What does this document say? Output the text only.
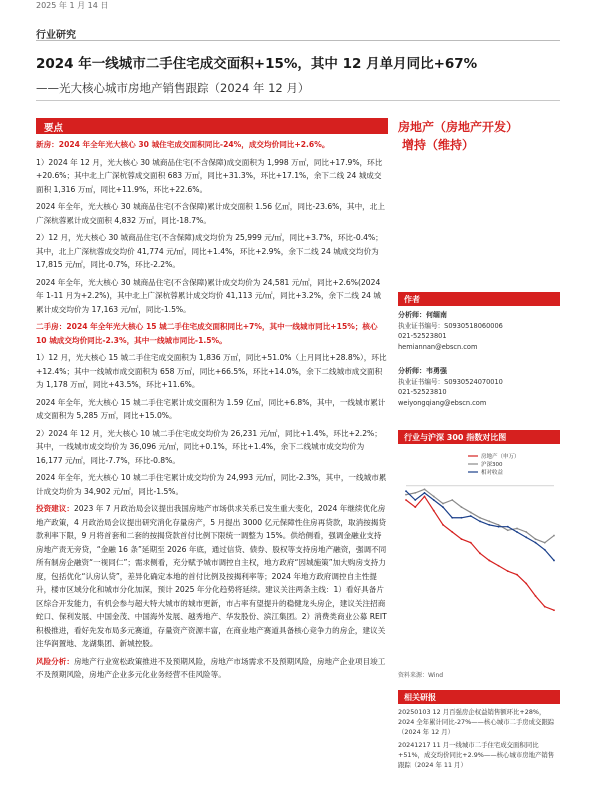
2025 年 1 月 14 日
行业研究
2024 年一线城市二手住宅成交面积+15%，其中 12 月单月同比+67%
——光大核心城市房地产销售跟踪（2024 年 12 月）
要点

新房：2024 年全年光大核心 30 城住宅成交面积同比-24%，成交均价同比+2.6%。

1）2024 年 12 月，光大核心 30 城商品住宅(不含保障)成交面积为 1,998 万㎡，同比+17.9%，环比+20.6%；其中北上广深杭蓉成交面积 683 万㎡，同比+31.3%，环比+17.1%，余下二线 24 城成交面积 1,316 万㎡，同比+11.9%，环比+22.6%。

2024 年全年，光大核心 30 城商品住宅(不含保障)累计成交面积 1.56 亿㎡，同比-23.6%，其中，北上广深杭蓉累计成交面积 4,832 万㎡，同比-18.7%。

2）12 月，光大核心 30 城商品住宅(不含保障)成交均价为 25,999 元/㎡，同比+3.7%，环比-0.4%；其中，北上广深杭蓉成交均价 41,774 元/㎡，同比+1.4%，环比+2.9%，余下二线 24 城成交均价为 17,815 元/㎡，同比-0.7%，环比-2.2%。

2024 年全年，光大核心 30 城商品住宅(不含保障)累计成交均价为 24,581 元/㎡，同比+2.6%(2024 年 1-11 月为+2.2%)，其中北上广深杭蓉累计成交均价 41,113 元/㎡，同比+3.2%，余下二线 24 城累计成交均价为 17,163 元/㎡，同比-1.5%。

二手房：2024 年全年光大核心 15 城二手住宅成交面积同比+7%，其中一线城市同比+15%；核心 10 城成交均价同比-2.3%，其中一线城市同比-1.5%。

1）12 月，光大核心 15 城二手住宅成交面积为 1,836 万㎡，同比+51.0%（上月同比+28.8%），环比+12.4%；其中一线城市成交面积为 658 万㎡，同比+66.5%，环比+14.0%，余下二线城市成交面积为 1,178 万㎡，同比+43.5%，环比+11.6%。

2024 年全年，光大核心 15 城二手住宅累计成交面积为 1.59 亿㎡，同比+6.8%，其中，一线城市累计成交面积为 5,285 万㎡，同比+15.0%。

2）2024 年 12 月，光大核心 10 城二手住宅成交均价为 26,231 元/㎡，同比+1.4%，环比+2.2%；其中，一线城市成交均价为 36,096 元/㎡，同比+0.1%，环比+1.4%，余下二线城市成交均价为 16,177 元/㎡，同比-7.7%，环比-0.8%。

2024 年全年，光大核心 10 城二手住宅累计成交均价为 24,993 元/㎡，同比-2.3%，其中，一线城市累计成交均价为 34,902 元/㎡，同比-1.5%。

投资建议：2023 年 7 月政治局会议提出我国房地产市场供求关系已发生重大变化，2024 年继续优化房地产政策，4 月政治局会议提出研究消化存量房产，5 月提出 3000 亿元保障性住房再贷款，取消按揭贷款利率下限，9 月将首套和二套的按揭贷款首付比例下限统一调整为 15%。供给侧看，强调金融业支持房地产责无旁贷，“金融 16 条”延期至 2026 年底，通过信贷、债券、股权等支持房地产融资，强调不同所有制房企融资“一视同仁”；需求侧看，充分赋予城市调控自主权，地方政府“因城施策”加大购房支持力度，包括优化“认房认贷”，差异化确定本地的首付比例及按揭利率等；2024 年地方政府调控自主性提升，楼市区域分化和城市分化加深，预计 2025 年分化趋势将延续。建议关注两条主线：1）看好具备片区综合开发能力，有机会参与超大特大城市的城市更新，市占率有望提升的稳健龙头房企，建议关注招商蛇口、保利发展、中国金茂、中国海外发展、越秀地产、华发股份、滨江集团。2）消费类商业公募 REIT 积极推进，看好先发布局多元赛道，存量资产资源丰富，在商业地产赛道具备核心竞争力的房企，建议关注华润置地、龙湖集团、新城控股。

风险分析：房地产行业宽松政策推进不及预期风险，房地产市场需求不及预期风险，房地产企业项目竣工不及预期风险，房地产企业多元化业务经营不佳风险等。

房地产（房地产开发）
增持（维持）
作者
分析师：何缅南
执业证书编号：S0930518060006
021-52523801
hemiannan@ebscn.com
分析师：韦勇强
执业证书编号：S0930524070010
021-52523810
weiyongqiang@ebscn.com
行业与沪深 300 指数对比图
房地产（申万）
沪深300
相对收益
资料来源：Wind
相关研报
20250103 12 月百强房企权益销售额环比+28%，2024 全年累计同比-27%——核心城市二手房成交跟踪（2024 年 12 月）
20241217 11 月一线城市二手住宅成交面积同比+51%，成交均价同比+2.9%——核心城市房地产销售跟踪（2024 年 11 月）
